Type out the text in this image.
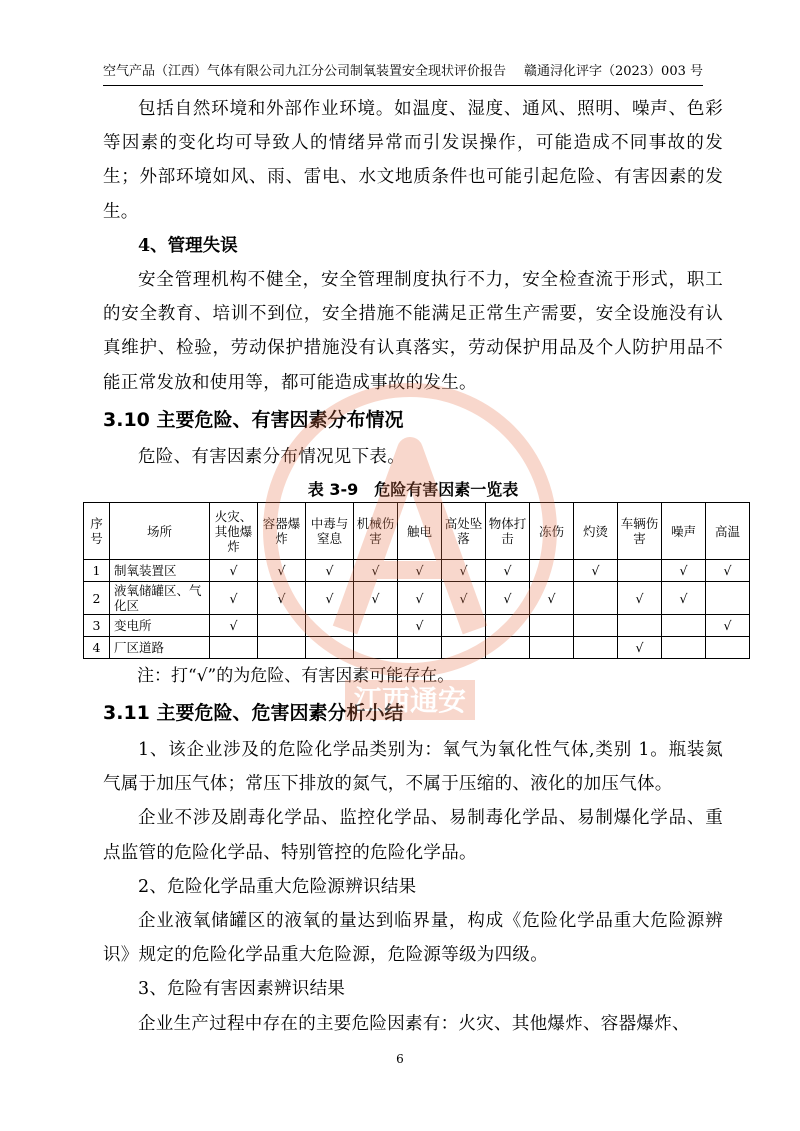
空气产品（江西）气体有限公司九江分公司制氧装置安全现状评价报告 赣通浔化评字（2023）003 号

包括自然环境和外部作业环境。如温度、湿度、通风、照明、噪声、色彩等因素的变化均可导致人的情绪异常而引发误操作，可能造成不同事故的发生；外部环境如风、雨、雷电、水文地质条件也可能引起危险、有害因素的发生。

4、管理失误

安全管理机构不健全，安全管理制度执行不力，安全检查流于形式，职工的安全教育、培训不到位，安全措施不能满足正常生产需要，安全设施没有认真维护、检验，劳动保护措施没有认真落实，劳动保护用品及个人防护用品不能正常发放和使用等，都可能造成事故的发生。

3.10 主要危险、有害因素分布情况

危险、有害因素分布情况见下表。

表 3-9　危险有害因素一览表

序号	场所	火灾、其他爆炸	容器爆炸	中毒与窒息	机械伤害	触电	高处坠落	物体打击	冻伤	灼烫	车辆伤害	噪声	高温
1	制氧装置区	√	√	√	√	√	√	√		√		√	√
2	液氧储罐区、气化区	√	√	√	√	√	√	√	√		√	√	
3	变电所	√				√							√
4	厂区道路										√		

注：打“√”的为危险、有害因素可能存在。

3.11 主要危险、危害因素分析小结

1、该企业涉及的危险化学品类别为：氧气为氧化性气体,类别 1。瓶装氮气属于加压气体；常压下排放的氮气，不属于压缩的、液化的加压气体。

企业不涉及剧毒化学品、监控化学品、易制毒化学品、易制爆化学品、重点监管的危险化学品、特别管控的危险化学品。

2、危险化学品重大危险源辨识结果

企业液氧储罐区的液氧的量达到临界量，构成《危险化学品重大危险源辨识》规定的危险化学品重大危险源，危险源等级为四级。

3、危险有害因素辨识结果

企业生产过程中存在的主要危险因素有：火灾、其他爆炸、容器爆炸、

江西通安
6
